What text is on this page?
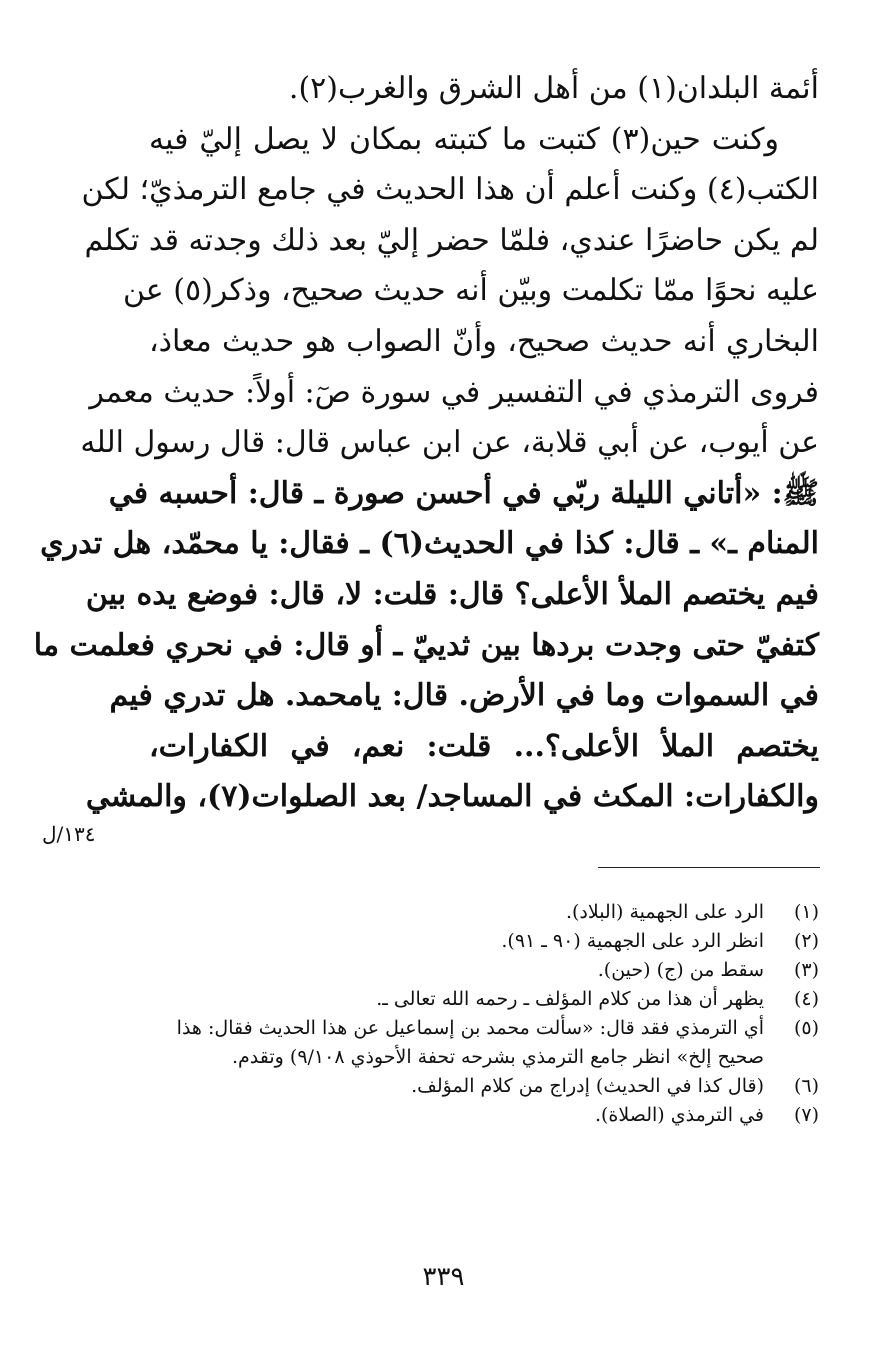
أئمة البلدان(١) من أهل الشرق والغرب(٢).
وكنت حين(٣) كتبت ما كتبته بمكان لا يصل إليّ فيه
الكتب(٤) وكنت أعلم أن هذا الحديث في جامع الترمذيّ؛ لكن
لم يكن حاضرًا عندي، فلمّا حضر إليّ بعد ذلك وجدته قد تكلم
عليه نحوًا ممّا تكلمت وبيّن أنه حديث صحيح، وذكر(٥) عن
البخاري أنه حديث صحيح، وأنّ الصواب هو حديث معاذ،
فروى الترمذي في التفسير في سورة صٓ: أولاً: حديث معمر
عن أيوب، عن أبي قلابة، عن ابن عباس قال: قال رسول الله
ﷺ: «أتاني الليلة ربّي في أحسن صورة ـ قال: أحسبه في
المنام ـ» ـ قال: كذا في الحديث(٦) ـ فقال: يا محمّد، هل تدري
فيم يختصم الملأ الأعلى؟ قال: قلت: لا، قال: فوضع يده بين
كتفيّ حتى وجدت بردها بين ثدييّ ـ أو قال: في نحري فعلمت ما
في السموات وما في الأرض. قال: يامحمد. هل تدري فيم
يختصم الملأ الأعلى؟... قلت: نعم، في الكفارات،
والكفارات: المكث في المساجد/ بعد الصلوات(٧)، والمشي
١٣٤/ل
(١)
الرد على الجهمية (البلاد).
(٢)
انظر الرد على الجهمية (٩٠ ـ ٩١).
(٣)
سقط من (ج) (حين).
(٤)
يظهر أن هذا من كلام المؤلف ـ رحمه الله تعالى ـ.
(٥)
أي الترمذي فقد قال: «سألت محمد بن إسماعيل عن هذا الحديث فقال: هذا
صحيح إلخ» انظر جامع الترمذي بشرحه تحفة الأحوذي ٩/١٠٨) وتقدم.
(٦)
(قال كذا في الحديث) إدراج من كلام المؤلف.
(٧)
في الترمذي (الصلاة).
٣٣٩
